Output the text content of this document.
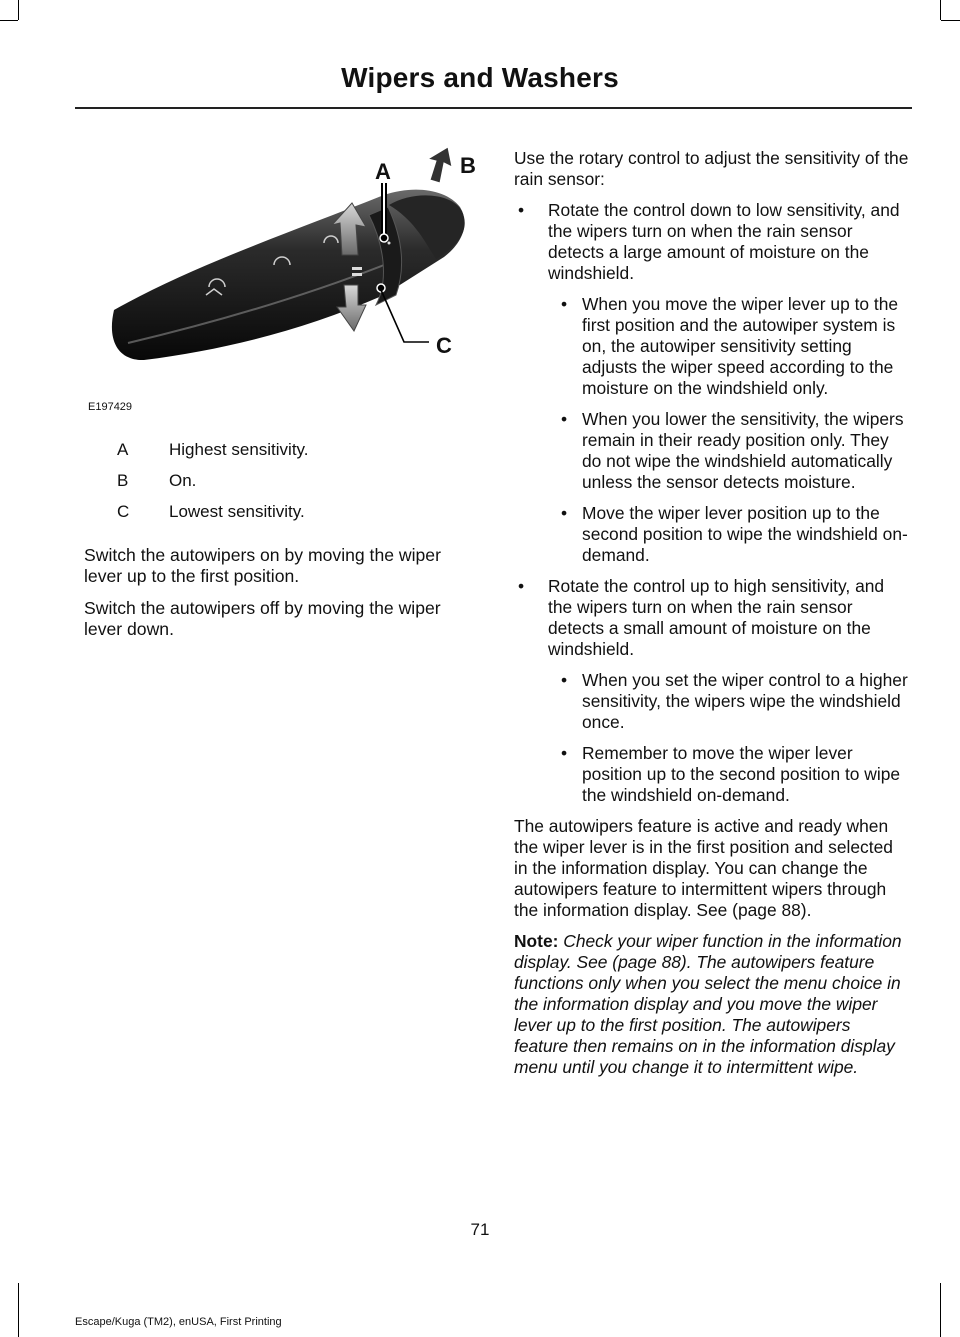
Wipers and Washers
A	B
C
E197429
A	Highest sensitivity.
B	On.
C	Lowest sensitivity.
Switch the autowipers on by moving the wiper lever up to the first position.
Switch the autowipers off by moving the wiper lever down.

Use the rotary control to adjust the sensitivity of the rain sensor:

• Rotate the control down to low sensitivity, and the wipers turn on when the rain sensor detects a large amount of moisture on the windshield.
• When you move the wiper lever up to the first position and the autowiper system is on, the autowiper sensitivity setting adjusts the wiper speed according to the moisture on the windshield only.
• When you lower the sensitivity, the wipers remain in their ready position only. They do not wipe the windshield automatically unless the sensor detects moisture.
• Move the wiper lever position up to the second position to wipe the windshield on-demand.
• Rotate the control up to high sensitivity, and the wipers turn on when the rain sensor detects a small amount of moisture on the windshield.
• When you set the wiper control to a higher sensitivity, the wipers wipe the windshield once.
• Remember to move the wiper lever position up to the second position to wipe the windshield on-demand.

The autowipers feature is active and ready when the wiper lever is in the first position and selected in the information display. You can change the autowipers feature to intermittent wipers through the information display. See (page 88).

Note: Check your wiper function in the information display. See (page 88). The autowipers feature functions only when you select the menu choice in the information display and you move the wiper lever up to the first position. The autowipers feature then remains on in the information display menu until you change it to intermittent wipe.

71
Escape/Kuga (TM2), enUSA, First Printing
